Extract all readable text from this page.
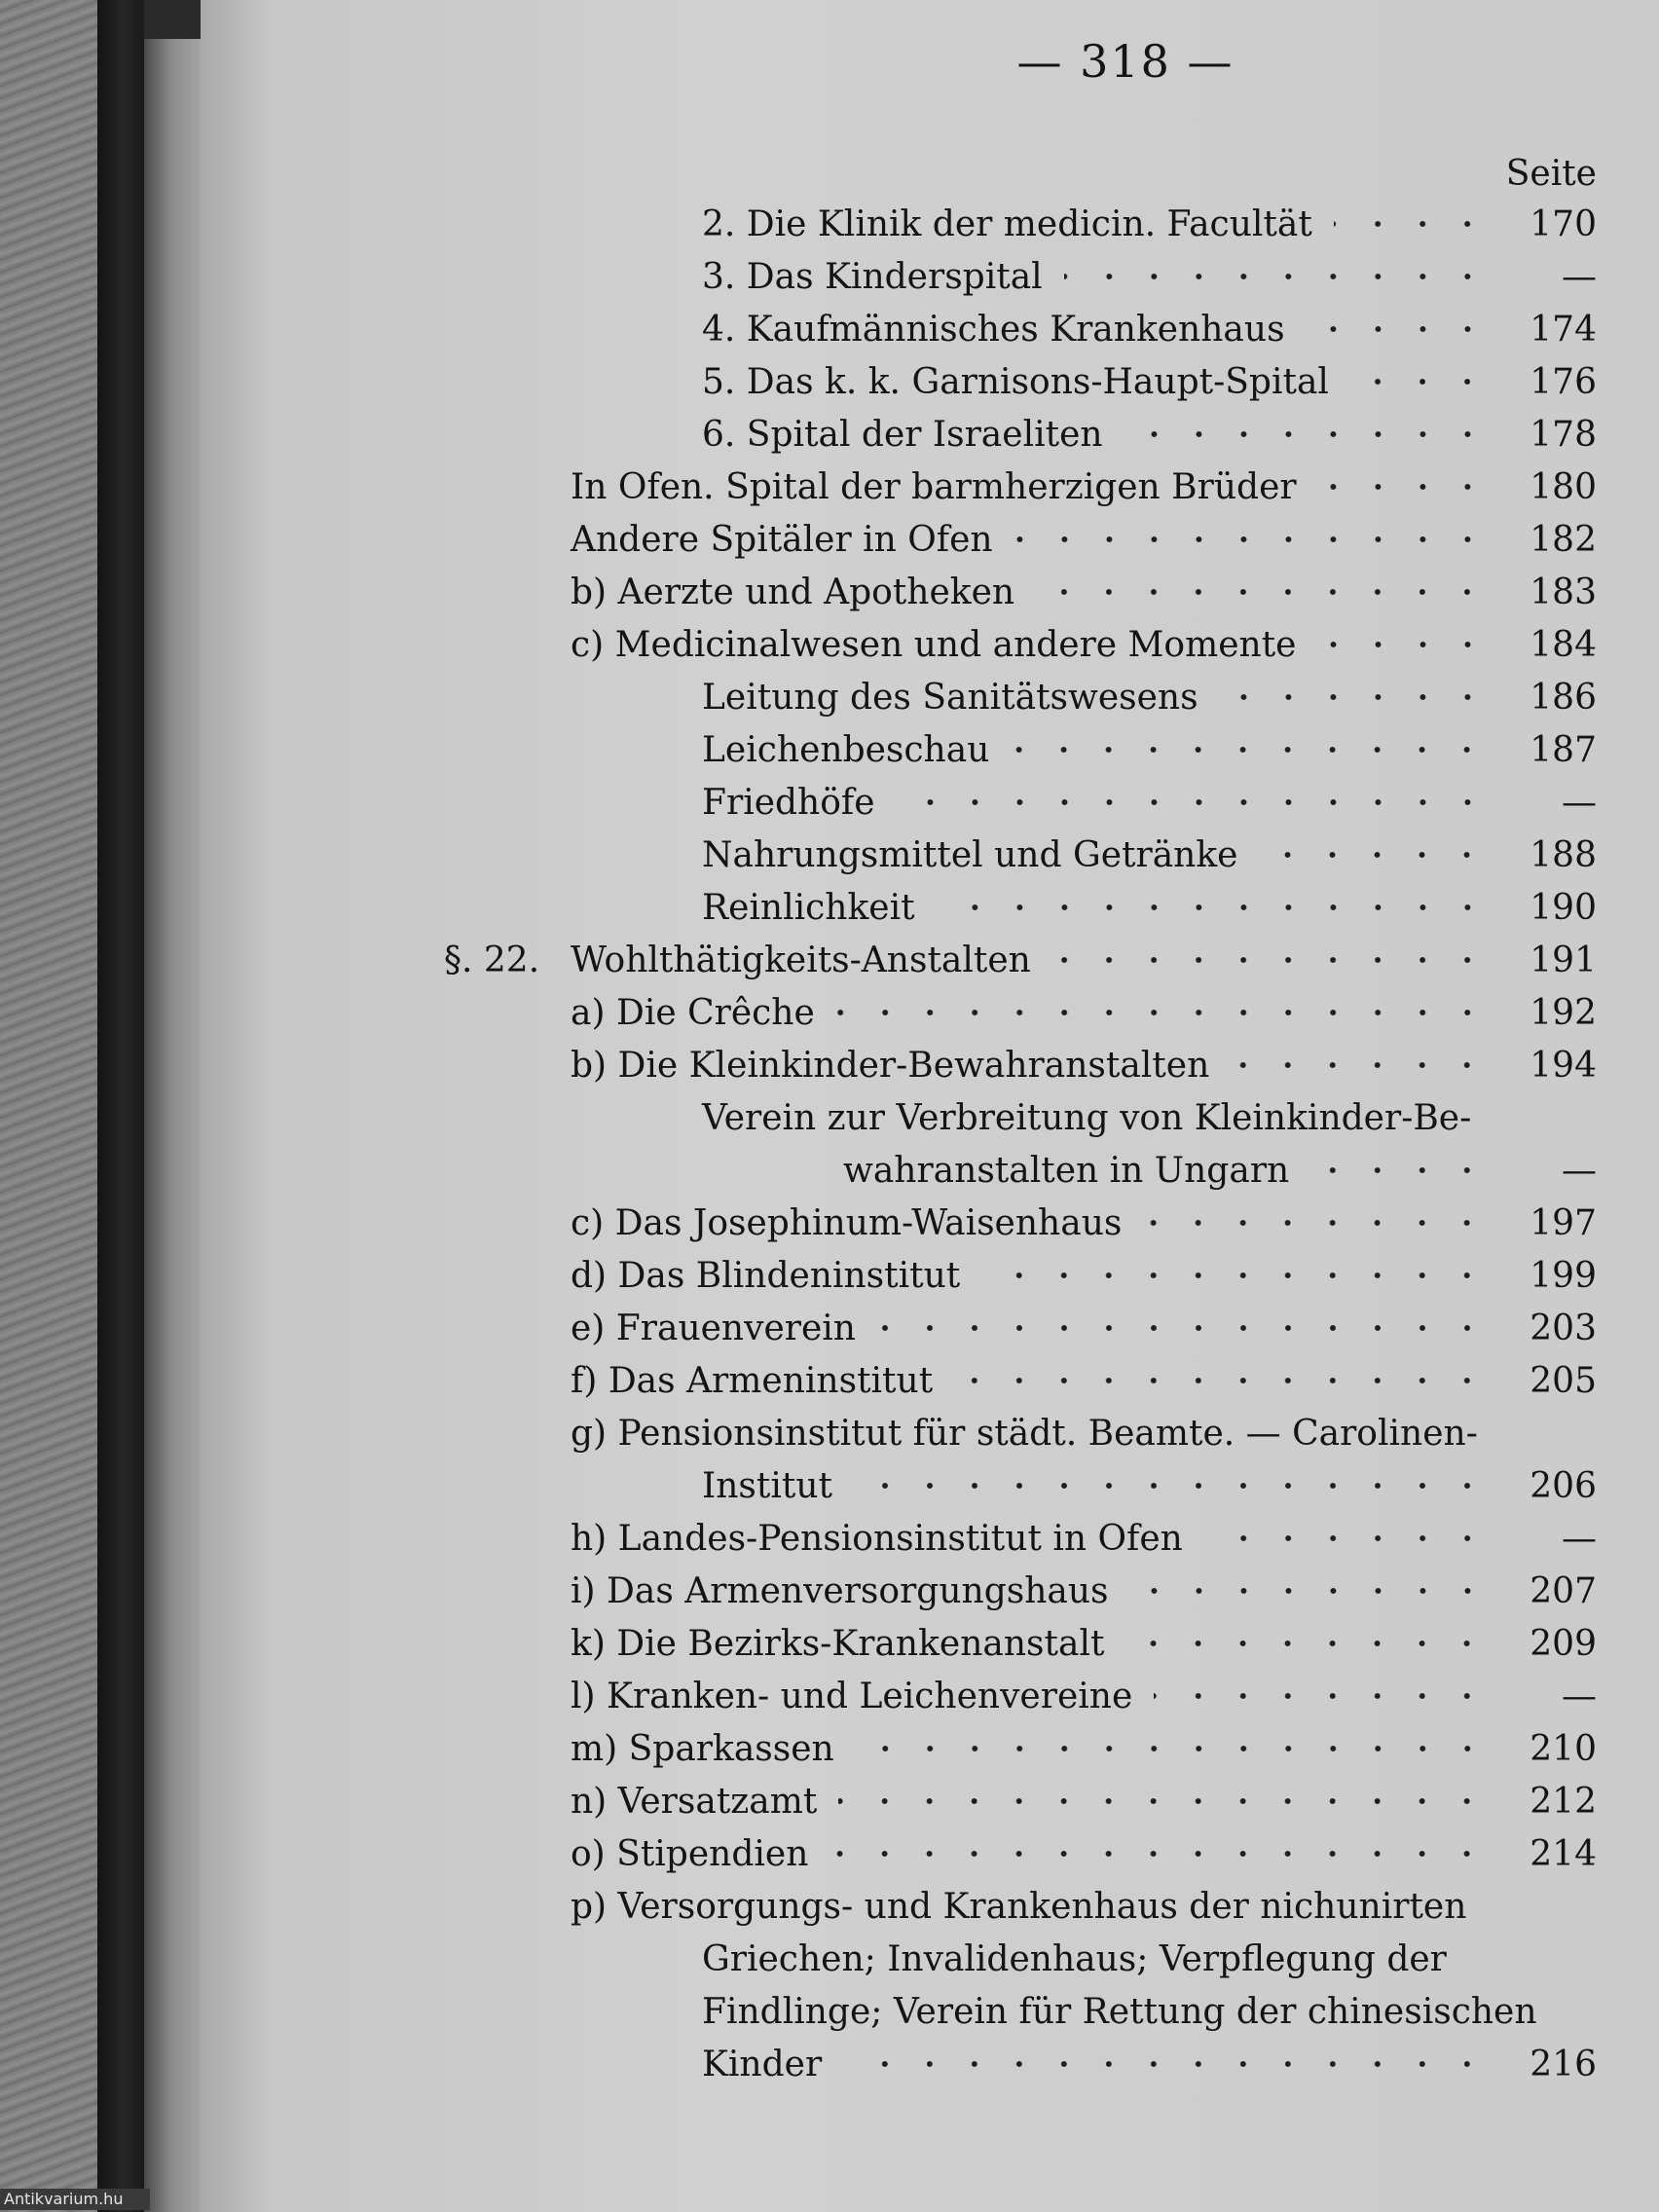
— 318 —
Seite
2. Die Klinik der medicin. Facultät	170
3. Das Kinderspital	—
4. Kaufmännisches Krankenhaus	174
5. Das k. k. Garnisons-Haupt-Spital	176
6. Spital der Israeliten	178
In Ofen. Spital der barmherzigen Brüder	180
Andere Spitäler in Ofen	182
b) Aerzte und Apotheken	183
c) Medicinalwesen und andere Momente	184
Leitung des Sanitätswesens	186
Leichenbeschau	187
Friedhöfe	—
Nahrungsmittel und Getränke	188
Reinlichkeit	190
§. 22. Wohlthätigkeits-Anstalten	191
a) Die Crêche	192
b) Die Kleinkinder-Bewahranstalten	194
Verein zur Verbreitung von Kleinkinder-Be-
wahranstalten in Ungarn	—
c) Das Josephinum-Waisenhaus	197
d) Das Blindeninstitut	199
e) Frauenverein	203
f) Das Armeninstitut	205
g) Pensionsinstitut für städt. Beamte. — Carolinen-
Institut	206
h) Landes-Pensionsinstitut in Ofen	—
i) Das Armenversorgungshaus	207
k) Die Bezirks-Krankenanstalt	209
l) Kranken- und Leichenvereine	—
m) Sparkassen	210
n) Versatzamt	212
o) Stipendien	214
p) Versorgungs- und Krankenhaus der nichunirten
Griechen; Invalidenhaus; Verpflegung der
Findlinge; Verein für Rettung der chinesischen
Kinder	216
Antikvarium.hu
